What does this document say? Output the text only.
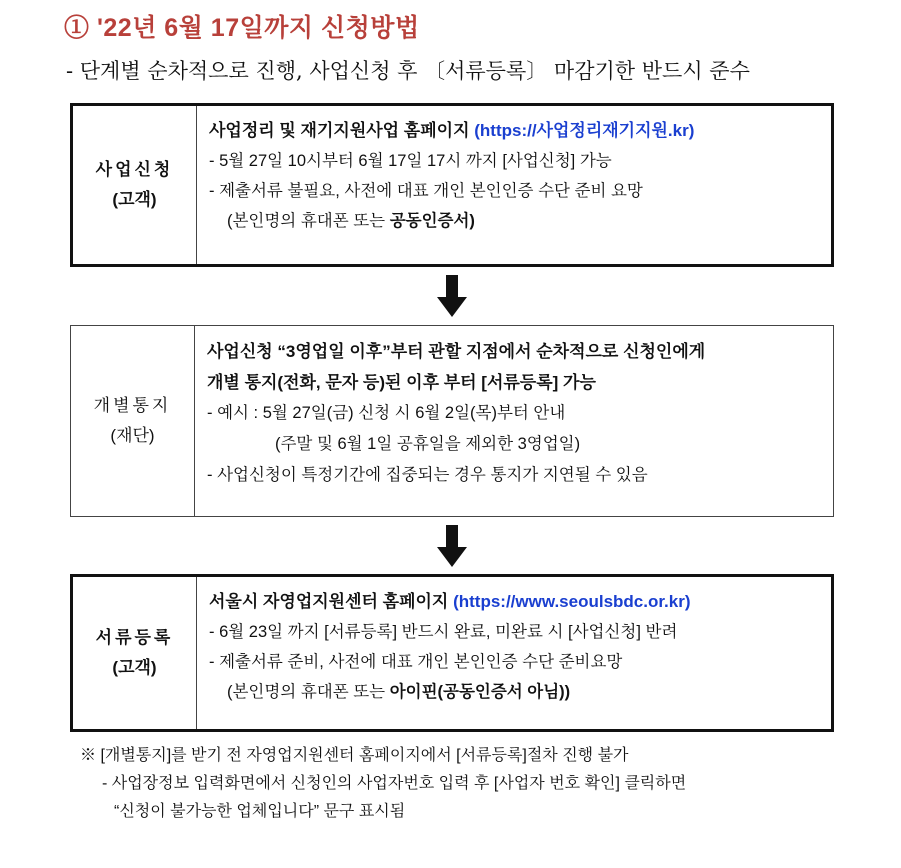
① '22년 6월 17일까지 신청방법
- 단계별 순차적으로 진행, 사업신청 후 〔서류등록〕 마감기한 반드시 준수
사업신청
(고객)
사업정리 및 재기지원사업 홈페이지 (https://사업정리재기지원.kr)
- 5월 27일 10시부터 6월 17일 17시 까지 [사업신청] 가능
- 제출서류 불필요, 사전에 대표 개인 본인인증 수단 준비 요망
(본인명의 휴대폰 또는 공동인증서)
개별통지
(재단)
사업신청 “3영업일 이후”부터 관할 지점에서 순차적으로 신청인에게
개별 통지(전화, 문자 등)된 이후 부터 [서류등록] 가능
- 예시 : 5월 27일(금) 신청 시 6월 2일(목)부터 안내
(주말 및 6월 1일 공휴일을 제외한 3영업일)
- 사업신청이 특정기간에 집중되는 경우 통지가 지연될 수 있음
서류등록
(고객)
서울시 자영업지원센터 홈페이지 (https://www.seoulsbdc.or.kr)
- 6월 23일 까지 [서류등록] 반드시 완료, 미완료 시 [사업신청] 반려
- 제출서류 준비, 사전에 대표 개인 본인인증 수단 준비요망
(본인명의 휴대폰 또는 아이핀(공동인증서 아님))
※ [개별통지]를 받기 전 자영업지원센터 홈페이지에서 [서류등록]절차 진행 불가
- 사업장정보 입력화면에서 신청인의 사업자번호 입력 후 [사업자 번호 확인] 클릭하면
“신청이 불가능한 업체입니다” 문구 표시됨
